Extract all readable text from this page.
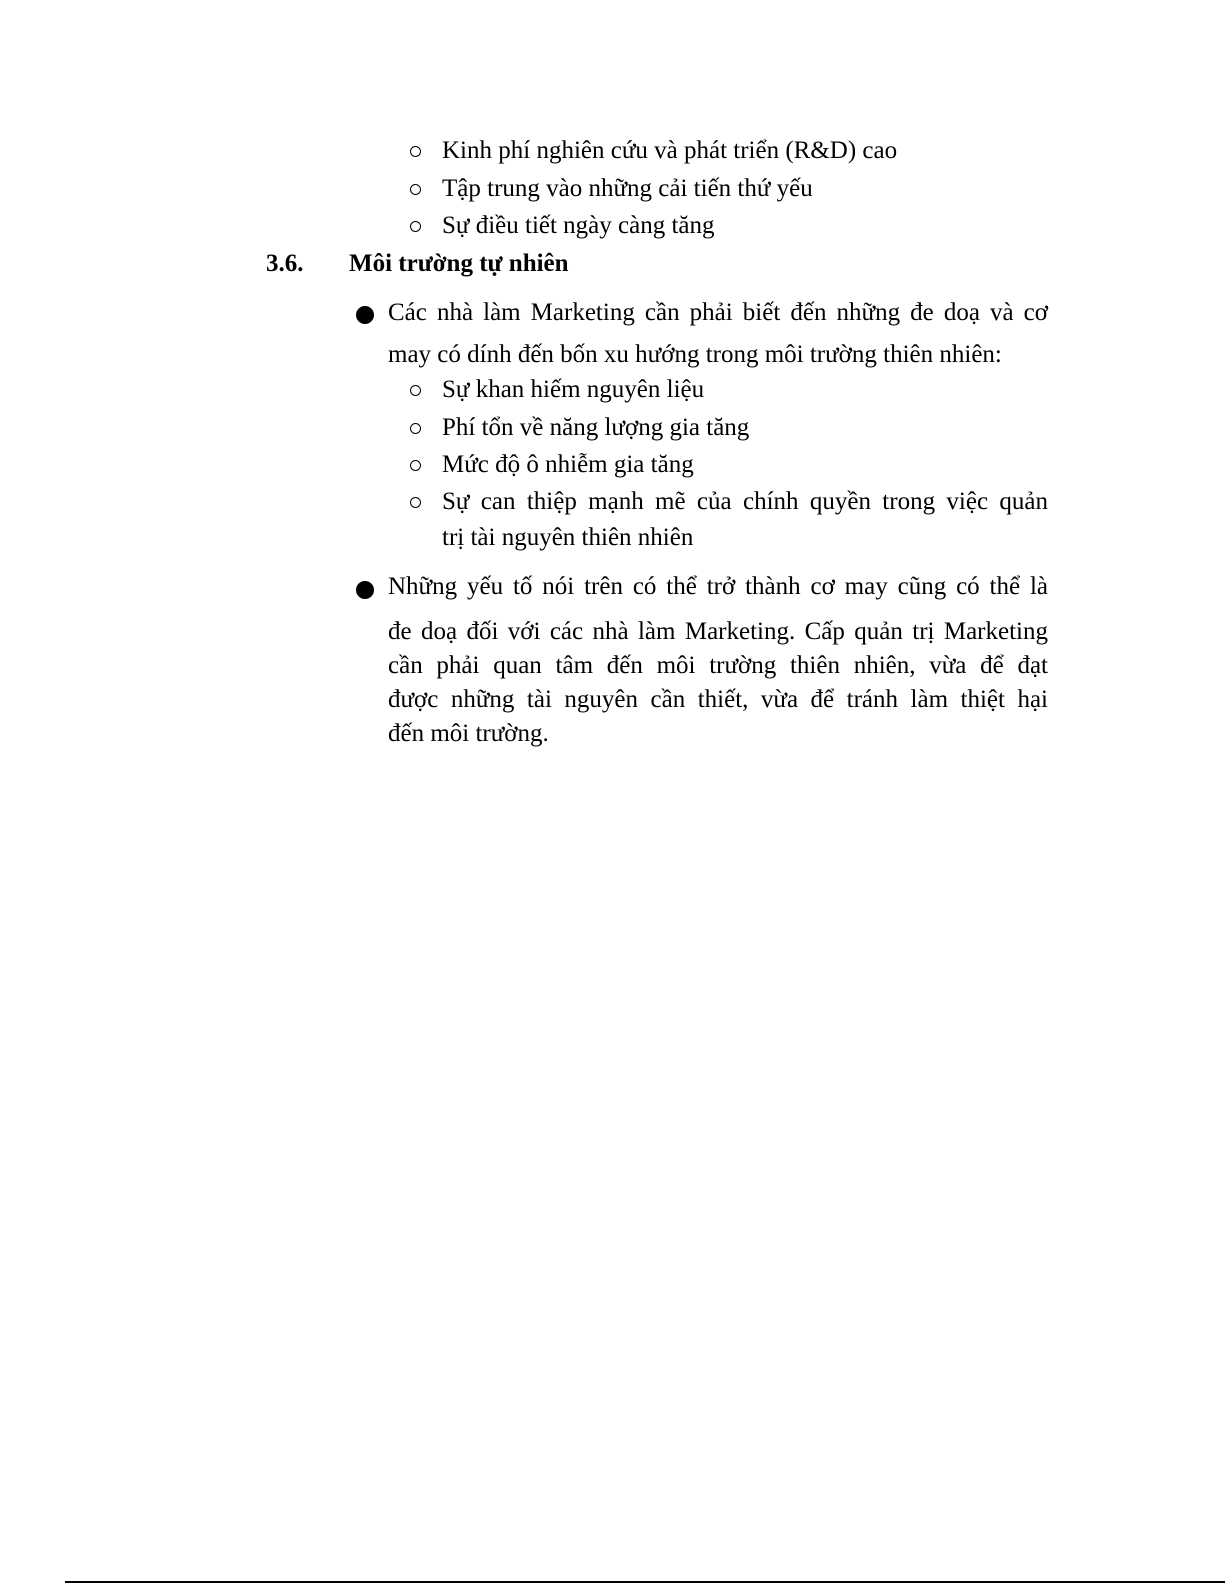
Kinh phí nghiên cứu và phát triển (R&D) cao
Tập trung vào những cải tiến thứ yếu
Sự điều tiết ngày càng tăng
3.6. Môi trường tự nhiên
Các nhà làm Marketing cần phải biết đến những đe doạ và cơ
may có dính đến bốn xu hướng trong môi trường thiên nhiên:
Sự khan hiếm nguyên liệu
Phí tổn về năng lượng gia tăng
Mức độ ô nhiễm gia tăng
Sự can thiệp mạnh mẽ của chính quyền trong việc quản
trị tài nguyên thiên nhiên
Những yếu tố nói trên có thể trở thành cơ may cũng có thể là
đe doạ đối với các nhà làm Marketing. Cấp quản trị Marketing
cần phải quan tâm đến môi trường thiên nhiên, vừa để đạt
được những tài nguyên cần thiết, vừa để tránh làm thiệt hại
đến môi trường.
